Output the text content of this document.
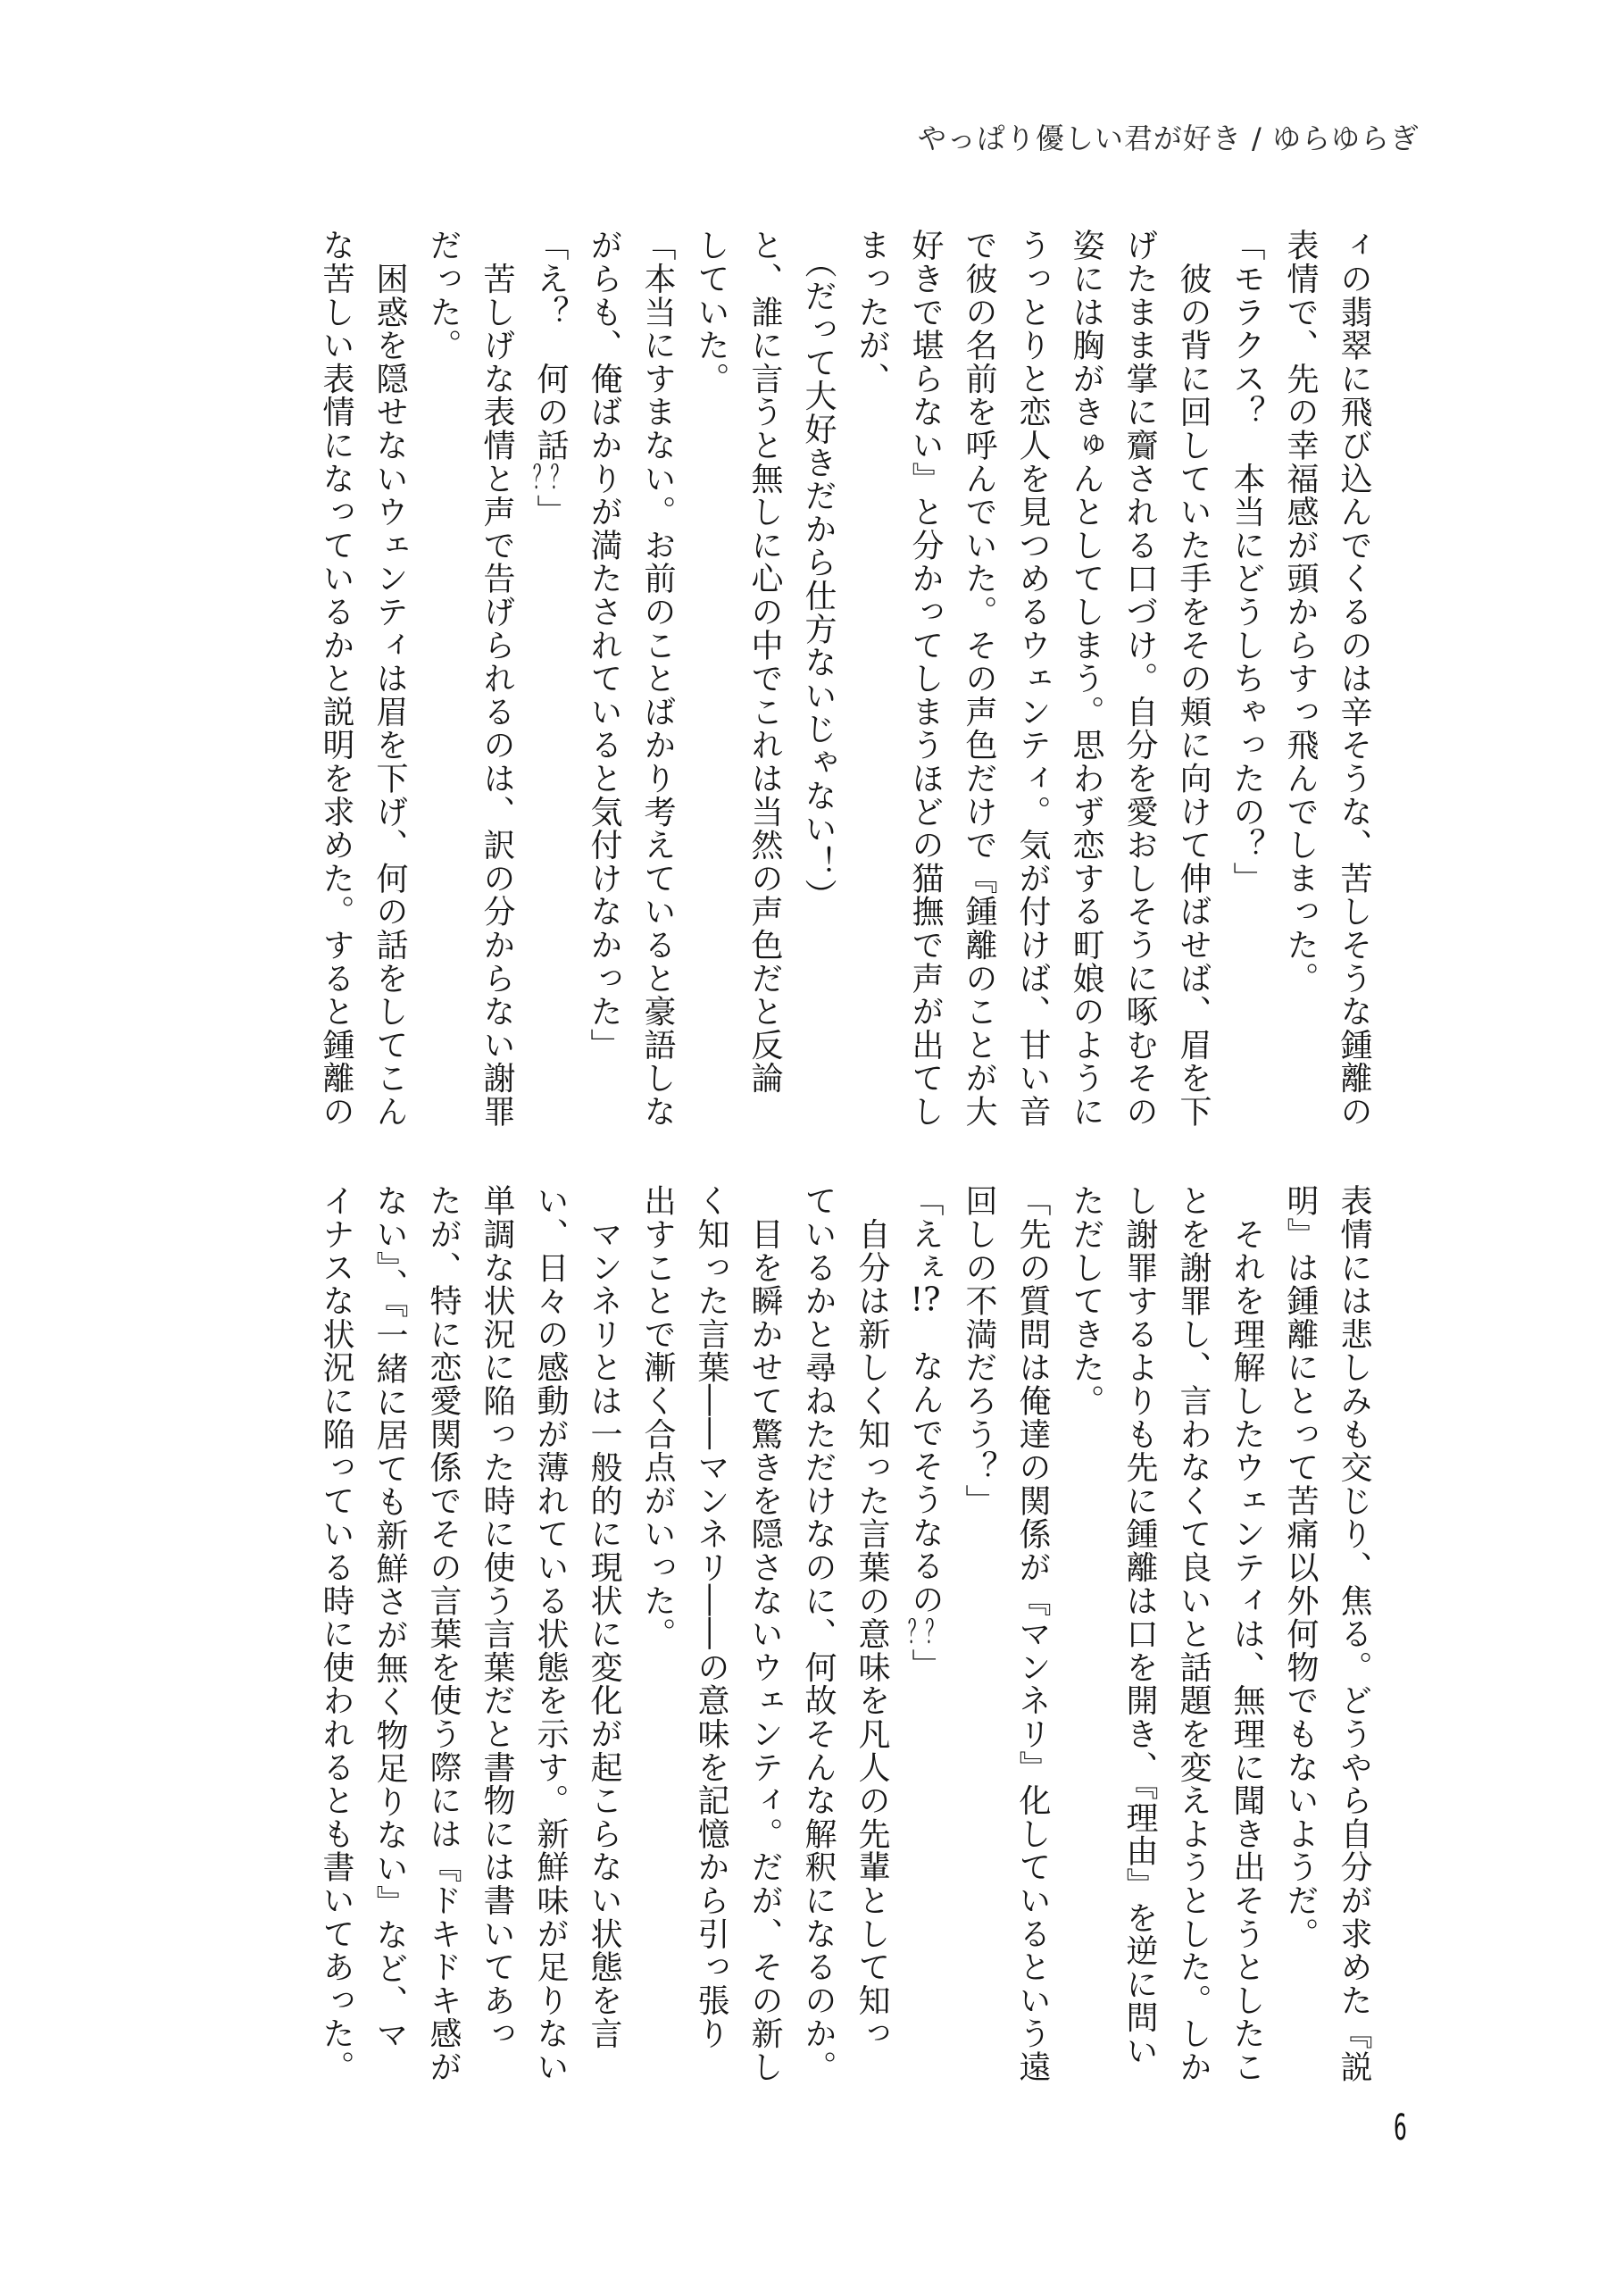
やっぱり優しい君が好き / ゆらゆらぎ

ィの翡翠に飛び込んでくるのは辛そうな、苦しそうな鍾離の

表情で、先の幸福感が頭からすっ飛んでしまった。

「モラクス？　本当にどうしちゃったの？」

　彼の背に回していた手をその頬に向けて伸ばせば、眉を下

げたまま掌に齎される口づけ。自分を愛おしそうに啄むその

姿には胸がきゅんとしてしまう。思わず恋する町娘のように

うっとりと恋人を見つめるウェンティ。気が付けば、甘い音

で彼の名前を呼んでいた。その声色だけで『鍾離のことが大

好きで堪らない』と分かってしまうほどの猫撫で声が出てし

まったが、

　（だって大好きだから仕方ないじゃない！）

と、誰に言うと無しに心の中でこれは当然の声色だと反論

していた。

「本当にすまない。お前のことばかり考えていると豪語しな

がらも、俺ばかりが満たされていると気付けなかった」

「え？　何の話？？」

　苦しげな表情と声で告げられるのは、訳の分からない謝罪

だった。

　困惑を隠せないウェンティは眉を下げ、何の話をしてこん

な苦しい表情になっているかと説明を求めた。すると鍾離の

表情には悲しみも交じり、焦る。どうやら自分が求めた『説

明』は鍾離にとって苦痛以外何物でもないようだ。

　それを理解したウェンティは、無理に聞き出そうとしたこ

とを謝罪し、言わなくて良いと話題を変えようとした。しか

し謝罪するよりも先に鍾離は口を開き、『理由』を逆に問い

ただしてきた。

「先の質問は俺達の関係が『マンネリ』化しているという遠

回しの不満だろう？」

「えぇ!?　なんでそうなるの？？」

　自分は新しく知った言葉の意味を凡人の先輩として知っ

ているかと尋ねただけなのに、何故そんな解釈になるのか。

　目を瞬かせて驚きを隠さないウェンティ。だが、その新し

く知った言葉――マンネリ――の意味を記憶から引っ張り

出すことで漸く合点がいった。

　マンネリとは一般的に現状に変化が起こらない状態を言

い、日々の感動が薄れている状態を示す。新鮮味が足りない

単調な状況に陥った時に使う言葉だと書物には書いてあっ

たが、特に恋愛関係でその言葉を使う際には『ドキドキ感が

ない』、『一緒に居ても新鮮さが無く物足りない』など、マ

イナスな状況に陥っている時に使われるとも書いてあった。

6
